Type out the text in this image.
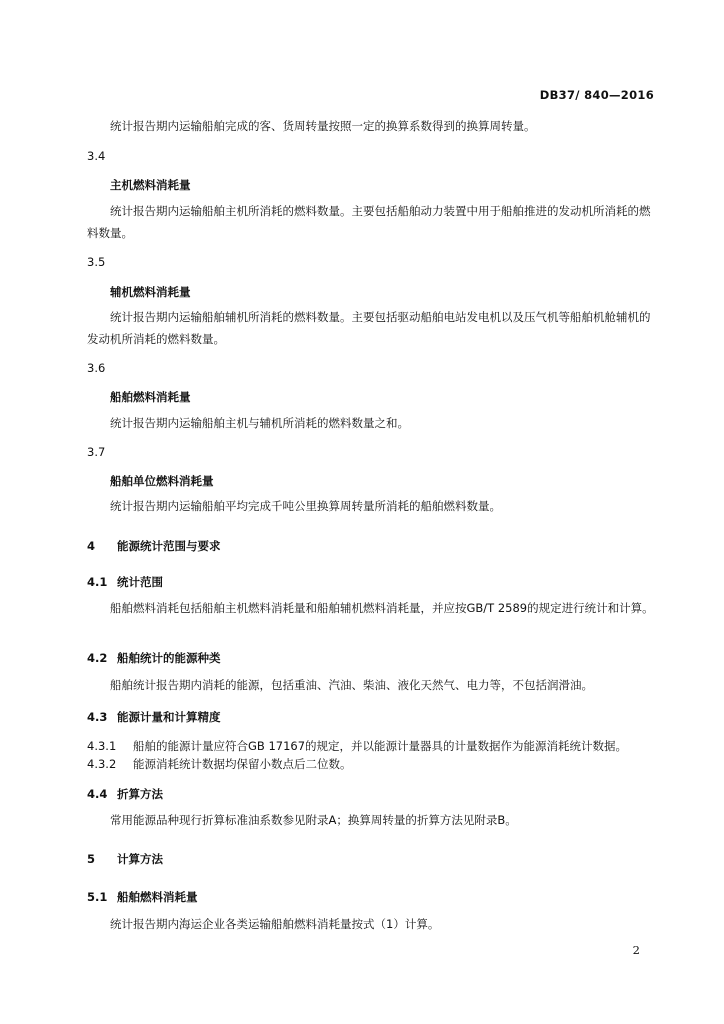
DB37/ 840—2016
统计报告期内运输船舶完成的客、货周转量按照一定的换算系数得到的换算周转量。
3.4
主机燃料消耗量
统计报告期内运输船舶主机所消耗的燃料数量。主要包括船舶动力装置中用于船舶推进的发动机所消耗的燃料数量。
3.5
辅机燃料消耗量
统计报告期内运输船舶辅机所消耗的燃料数量。主要包括驱动船舶电站发电机以及压气机等船舶机舱辅机的发动机所消耗的燃料数量。
3.6
船舶燃料消耗量
统计报告期内运输船舶主机与辅机所消耗的燃料数量之和。
3.7
船舶单位燃料消耗量
统计报告期内运输船舶平均完成千吨公里换算周转量所消耗的船舶燃料数量。
4 能源统计范围与要求
4.1 统计范围
船舶燃料消耗包括船舶主机燃料消耗量和船舶辅机燃料消耗量，并应按GB/T 2589的规定进行统计和计算。
4.2 船舶统计的能源种类
船舶统计报告期内消耗的能源，包括重油、汽油、柴油、液化天然气、电力等，不包括润滑油。
4.3 能源计量和计算精度
4.3.1 船舶的能源计量应符合GB 17167的规定，并以能源计量器具的计量数据作为能源消耗统计数据。
4.3.2 能源消耗统计数据均保留小数点后二位数。
4.4 折算方法
常用能源品种现行折算标准油系数参见附录A；换算周转量的折算方法见附录B。
5 计算方法
5.1 船舶燃料消耗量
统计报告期内海运企业各类运输船舶燃料消耗量按式（1）计算。
2
